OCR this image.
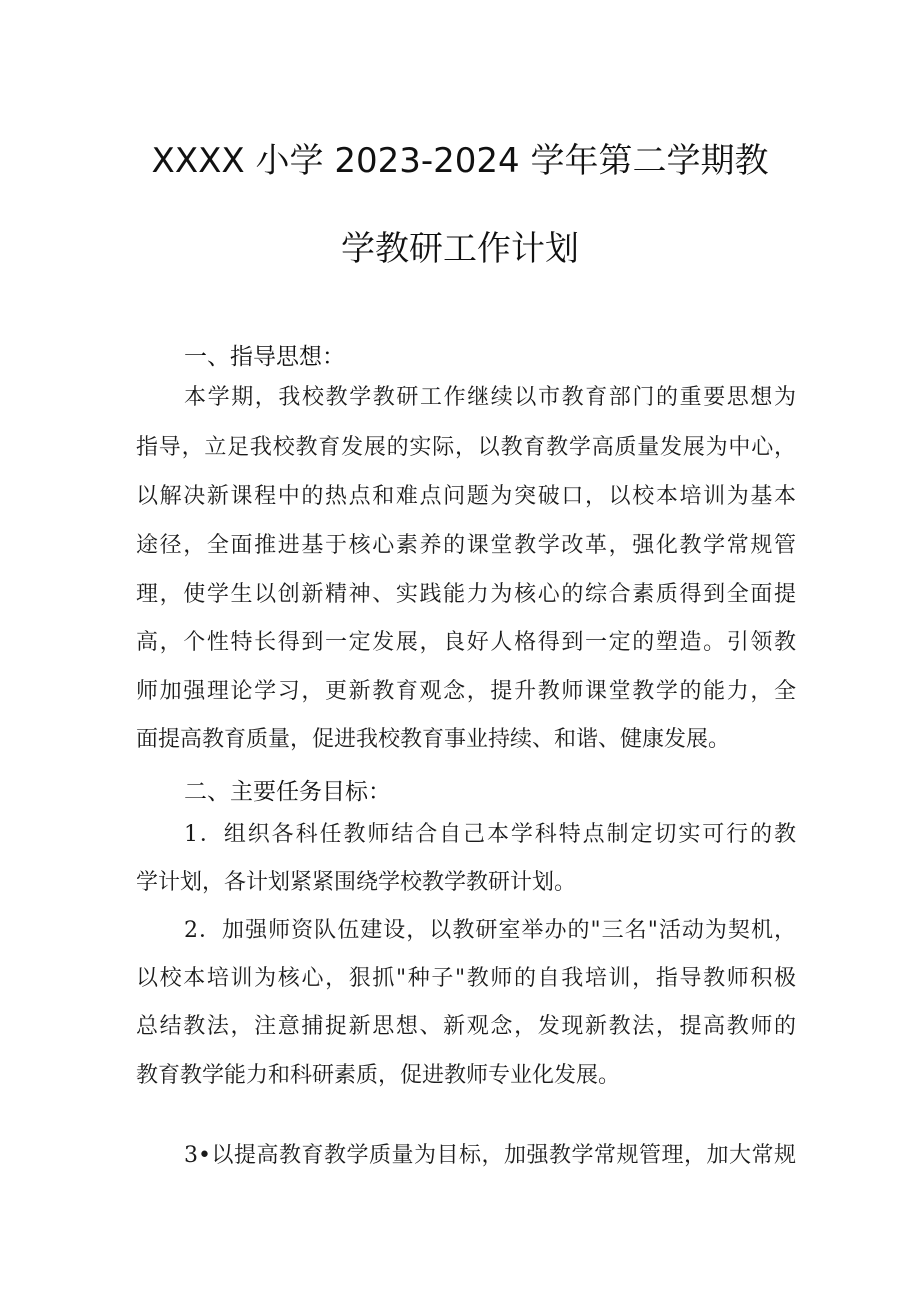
XXXX 小学 2023-2024 学年第二学期教
学教研工作计划
一、指导思想：
本学期，我校教学教研工作继续以市教育部门的重要思想为
指导，立足我校教育发展的实际，以教育教学高质量发展为中心，
以解决新课程中的热点和难点问题为突破口，以校本培训为基本
途径，全面推进基于核心素养的课堂教学改革，强化教学常规管
理，使学生以创新精神、实践能力为核心的综合素质得到全面提
高，个性特长得到一定发展，良好人格得到一定的塑造。引领教
师加强理论学习，更新教育观念，提升教师课堂教学的能力，全
面提高教育质量，促进我校教育事业持续、和谐、健康发展。
二、主要任务目标：
1．组织各科任教师结合自己本学科特点制定切实可行的教
学计划，各计划紧紧围绕学校教学教研计划。
2．加强师资队伍建设，以教研室举办的"三名"活动为契机，
以校本培训为核心，狠抓"种子"教师的自我培训，指导教师积极
总结教法，注意捕捉新思想、新观念，发现新教法，提高教师的
教育教学能力和科研素质，促进教师专业化发展。
3•以提高教育教学质量为目标，加强教学常规管理，加大常规
